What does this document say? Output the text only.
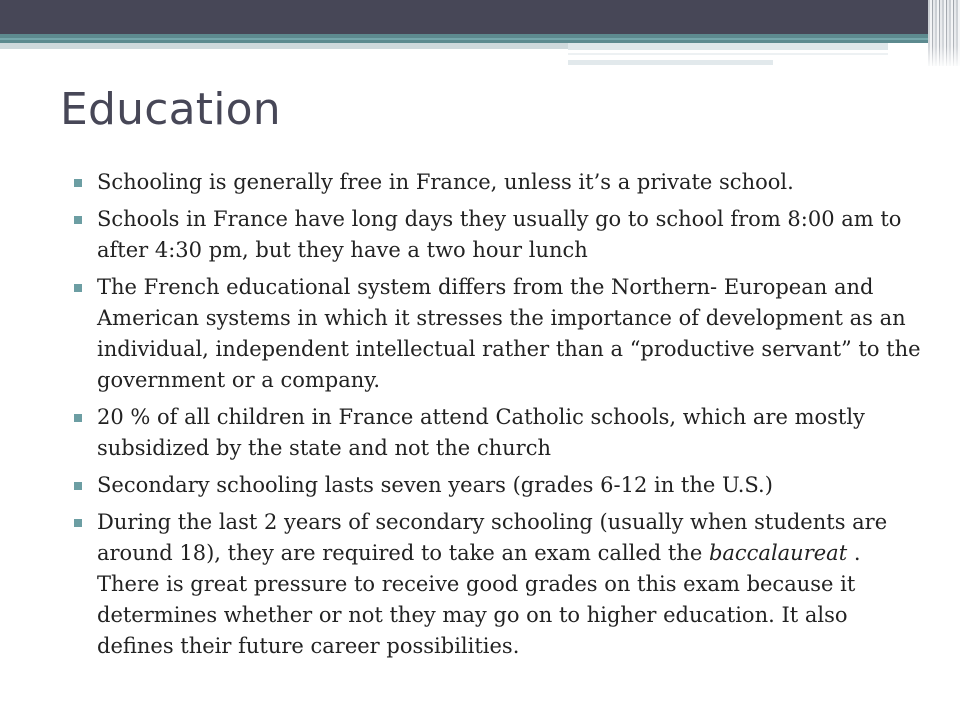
Education
Schooling is generally free in France, unless it’s a private school.
Schools in France have long days they usually go to school from 8:00 am to after 4:30 pm, but they have a two hour lunch
The French educational system differs from the Northern- European and American systems in which it stresses the importance of development as an individual, independent intellectual rather than a “productive servant” to the government or a company.
20 % of all children in France attend Catholic schools, which are mostly subsidized by the state and not the church
Secondary schooling lasts seven years (grades 6-12 in the U.S.)
During the last 2 years of secondary schooling (usually when students are around 18), they are required to take an exam called the baccalaureat . There is great pressure to receive good grades on this exam because it determines whether or not they may go on to higher education. It also defines their future career possibilities.
